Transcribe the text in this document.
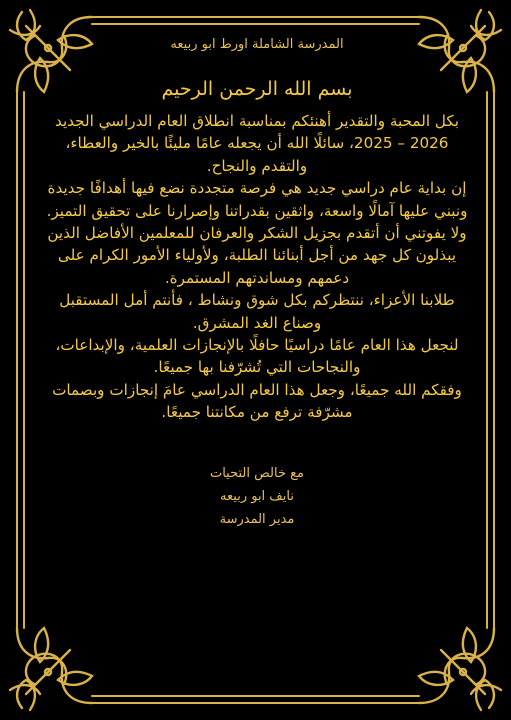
المدرسة الشاملة اورط ابو ربيعه

بسم الله الرحمن الرحيم

بكل المحبة والتقدير أهنئكم بمناسبة انطلاق العام الدراسي الجديد 2026 – 2025، سائلًا الله أن يجعله عامًا مليئًا بالخير والعطاء، والتقدم والنجاح.

إن بداية عام دراسي جديد هي فرصة متجددة نضع فيها أهدافًا جديدة ونبني عليها آمالًا واسعة، واثقين بقدراتنا وإصرارنا على تحقيق التميز.

ولا يفوتني أن أتقدم بجزيل الشكر والعرفان للمعلمين الأفاضل الذين يبذلون كل جهد من أجل أبنائنا الطلبة، ولأولياء الأمور الكرام على دعمهم ومساندتهم المستمرة.

طلابنا الأعزاء، ننتظركم بكل شوق ونشاط ، فأنتم أمل المستقبل وصناع الغد المشرق.

لنجعل هذا العام عامًا دراسيًا حافلًا بالإنجازات العلمية، والإبداعات، والنجاحات التي تُشرّفنا بها جميعًا.

وفقكم الله جميعًا، وجعل هذا العام الدراسي عامَ إنجازات وبصمات مشرّفة ترفع من مكانتنا جميعًا.

مع خالص التحيات
نايف ابو ربيعه
مدير المدرسة
